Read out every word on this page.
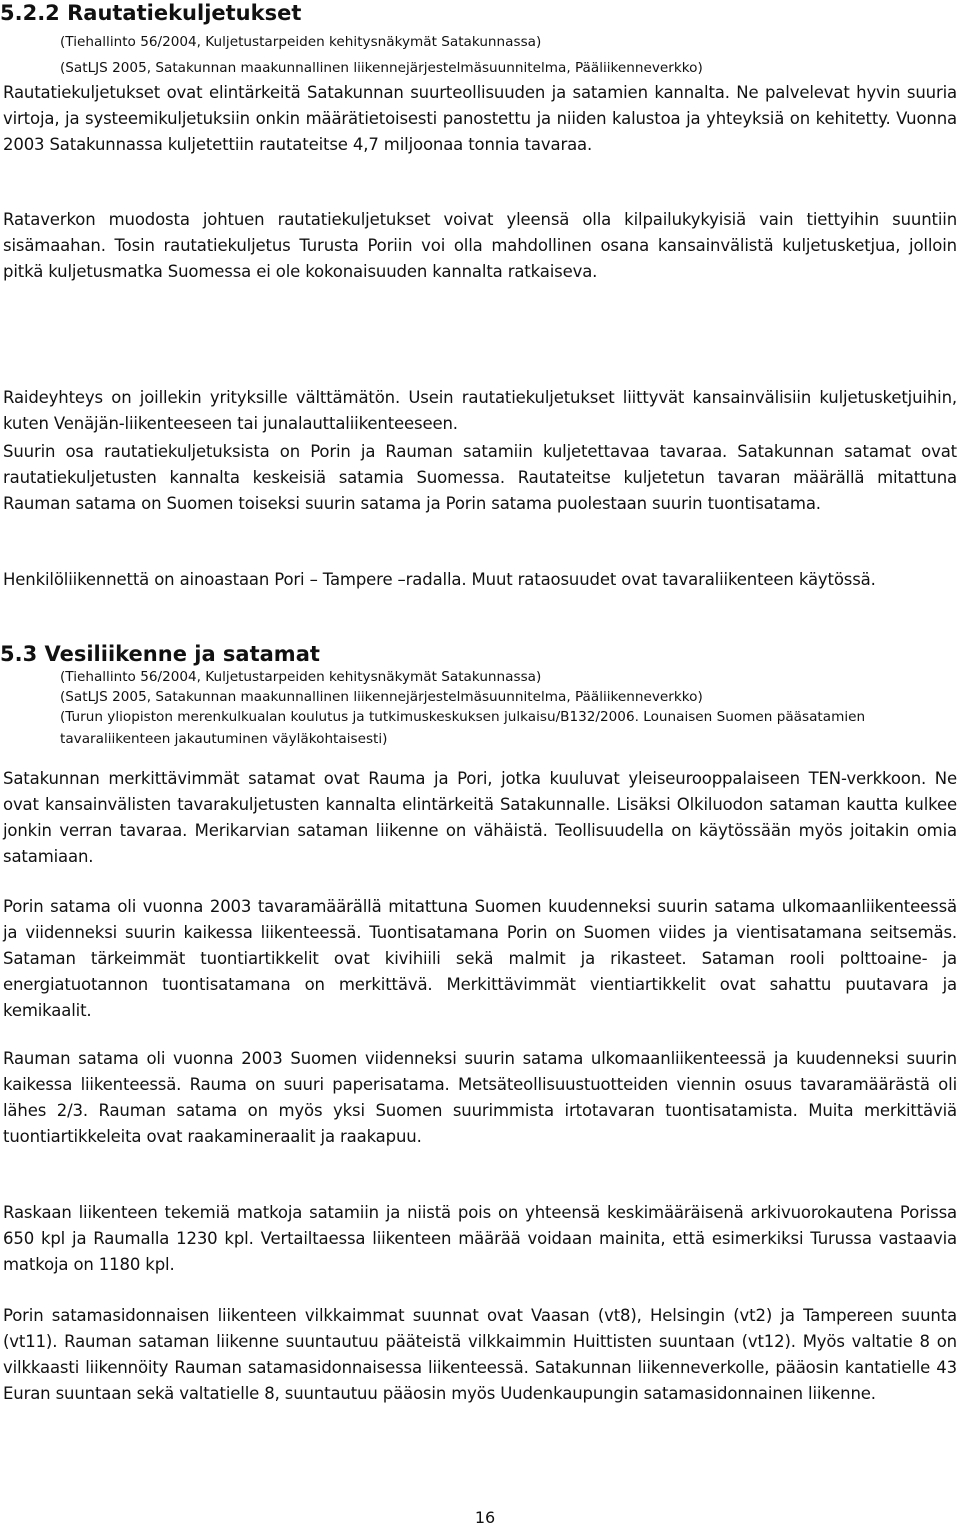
5.2.2 Rautatiekuljetukset

(Tiehallinto 56/2004, Kuljetustarpeiden kehitysnäkymät Satakunnassa)

(SatLJS 2005, Satakunnan maakunnallinen liikennejärjestelmäsuunnitelma, Pääliikenneverkko)

Rautatiekuljetukset ovat elintärkeitä Satakunnan suurteollisuuden ja satamien kannalta. Ne palvelevat hyvin suuria virtoja, ja systeemikuljetuksiin onkin määrätietoisesti panostettu ja niiden kalustoa ja yhteyksiä on kehitetty. Vuonna 2003 Satakunnassa kuljetettiin rautateitse 4,7 miljoonaa tonnia tavaraa.

Rataverkon muodosta johtuen rautatiekuljetukset voivat yleensä olla kilpailukykyisiä vain tiettyihin suuntiin sisämaahan. Tosin rautatiekuljetus Turusta Poriin voi olla mahdollinen osana kansainvälistä kuljetusketjua, jolloin pitkä kuljetusmatka Suomessa ei ole kokonaisuuden kannalta ratkaiseva.

Raideyhteys on joillekin yrityksille välttämätön. Usein rautatiekuljetukset liittyvät kansainvälisiin kuljetusketjuihin, kuten Venäjän-liikenteeseen tai junalauttaliikenteeseen.

Suurin osa rautatiekuljetuksista on Porin ja Rauman satamiin kuljetettavaa tavaraa. Satakunnan satamat ovat rautatiekuljetusten kannalta keskeisiä satamia Suomessa. Rautateitse kuljetetun tavaran määrällä mitattuna Rauman satama on Suomen toiseksi suurin satama ja Porin satama puolestaan suurin tuontisatama.

Henkilöliikennettä on ainoastaan Pori – Tampere –radalla. Muut rataosuudet ovat tavaraliikenteen käytössä.

5.3 Vesiliikenne ja satamat

(Tiehallinto 56/2004, Kuljetustarpeiden kehitysnäkymät Satakunnassa)

(SatLJS 2005, Satakunnan maakunnallinen liikennejärjestelmäsuunnitelma, Pääliikenneverkko)

(Turun yliopiston merenkulkualan koulutus ja tutkimuskeskuksen julkaisu/B132/2006. Lounaisen Suomen pääsatamien tavaraliikenteen jakautuminen väyläkohtaisesti)

Satakunnan merkittävimmät satamat ovat Rauma ja Pori, jotka kuuluvat yleiseurooppalaiseen TEN-verkkoon. Ne ovat kansainvälisten tavarakuljetusten kannalta elintärkeitä Satakunnalle. Lisäksi Olkiluodon sataman kautta kulkee jonkin verran tavaraa. Merikarvian sataman liikenne on vähäistä. Teollisuudella on käytössään myös joitakin omia satamiaan.

Porin satama oli vuonna 2003 tavaramäärällä mitattuna Suomen kuudenneksi suurin satama ulkomaanliikenteessä ja viidenneksi suurin kaikessa liikenteessä. Tuontisatamana Porin on Suomen viides ja vientisatamana seitsemäs. Sataman tärkeimmät tuontiartikkelit ovat kivihiili sekä malmit ja rikasteet. Sataman rooli polttoaine- ja energiatuotannon tuontisatamana on merkittävä. Merkittävimmät vientiartikkelit ovat sahattu puutavara ja kemikaalit.

Rauman satama oli vuonna 2003 Suomen viidenneksi suurin satama ulkomaanliikenteessä ja kuudenneksi suurin kaikessa liikenteessä. Rauma on suuri paperisatama. Metsäteollisuustuotteiden viennin osuus tavaramäärästä oli lähes 2/3. Rauman satama on myös yksi Suomen suurimmista irtotavaran tuontisatamista. Muita merkittäviä tuontiartikkeleita ovat raakamineraalit ja raakapuu.

Raskaan liikenteen tekemiä matkoja satamiin ja niistä pois on yhteensä keskimääräisenä arkivuorokautena Porissa 650 kpl ja Raumalla 1230 kpl. Vertailtaessa liikenteen määrää voidaan mainita, että esimerkiksi Turussa vastaavia matkoja on 1180 kpl.

Porin satamasidonnaisen liikenteen vilkkaimmat suunnat ovat Vaasan (vt8), Helsingin (vt2) ja Tampereen suunta (vt11). Rauman sataman liikenne suuntautuu pääteistä vilkkaimmin Huittisten suuntaan (vt12). Myös valtatie 8 on vilkkaasti liikennöity Rauman satamasidonnaisessa liikenteessä. Satakunnan liikenneverkolle, pääosin kantatielle 43 Euran suuntaan sekä valtatielle 8, suuntautuu pääosin myös Uudenkaupungin satamasidonnainen liikenne.

16
